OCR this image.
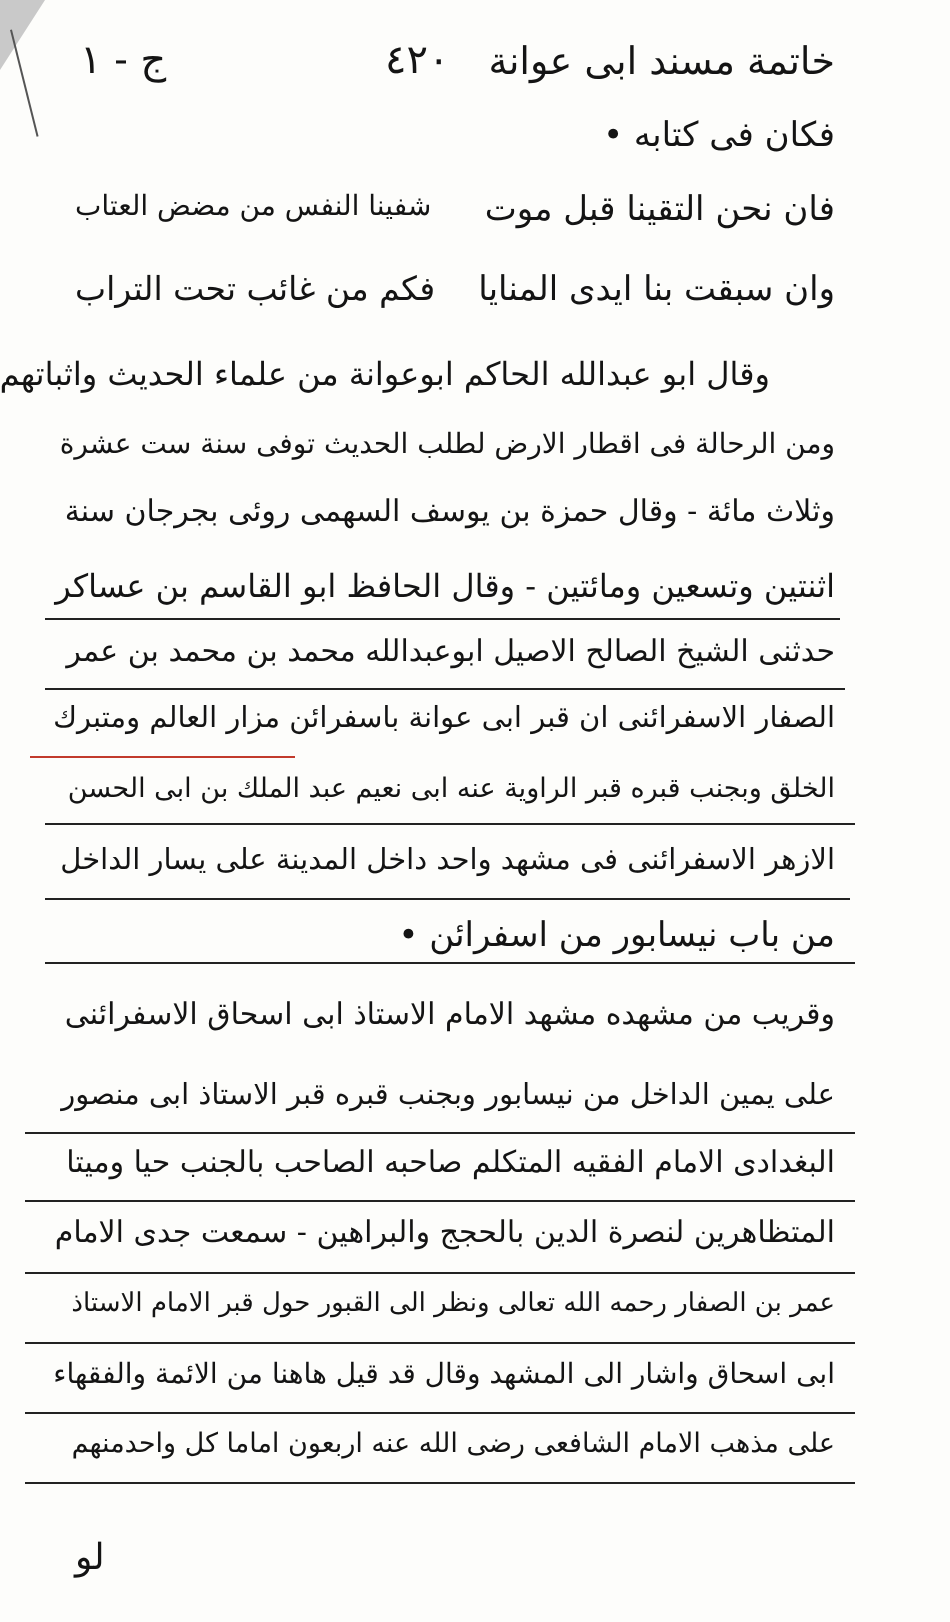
خاتمة مسند ابى عوانة
٤٢٠
ج - ١
فكان فى كتابه •
فان نحن التقينا قبل موت
شفينا النفس من مضض العتاب
وان سبقت بنا ايدى المنايا
فكم من غائب تحت التراب
وقال ابو عبدالله الحاكم ابوعوانة من علماء الحديث واثباتهم
ومن الرحالة فى اقطار الارض لطلب الحديث توفى سنة ست عشرة
وثلاث مائة - وقال حمزة بن يوسف السهمى روئى بجرجان سنة
اثنتين وتسعين ومائتين - وقال الحافظ ابو القاسم بن عساكر
حدثنى الشيخ الصالح الاصيل ابوعبدالله محمد بن محمد بن عمر
الصفار الاسفرائنى ان قبر ابى عوانة باسفرائن مزار العالم ومتبرك
الخلق وبجنب قبره قبر الراوية عنه ابى نعيم عبد الملك بن ابى الحسن
الازهر الاسفرائنى فى مشهد واحد داخل المدينة على يسار الداخل
من باب نيسابور من اسفرائن •
وقريب من مشهده مشهد الامام الاستاذ ابى اسحاق الاسفرائنى
على يمين الداخل من نيسابور وبجنب قبره قبر الاستاذ ابى منصور
البغدادى الامام الفقيه المتكلم صاحبه الصاحب بالجنب حيا وميتا
المتظاهرين لنصرة الدين بالحجج والبراهين - سمعت جدى الامام
عمر بن الصفار رحمه الله تعالى ونظر الى القبور حول قبر الامام الاستاذ
ابى اسحاق واشار الى المشهد وقال قد قيل هاهنا من الائمة والفقهاء
على مذهب الامام الشافعى رضى الله عنه اربعون اماما كل واحدمنهم
لو
